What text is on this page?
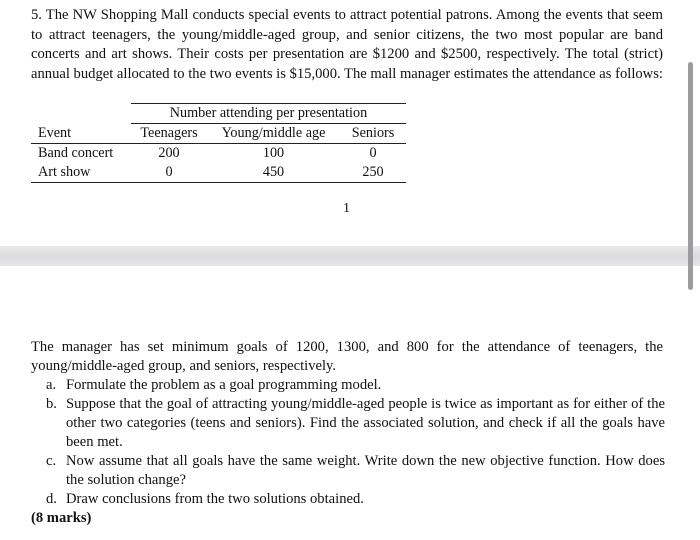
5. The NW Shopping Mall conducts special events to attract potential patrons. Among the events that seem to attract teenagers, the young/middle-aged group, and senior citizens, the two most popular are band concerts and art shows. Their costs per presentation are $1200 and $2500, respectively. The total (strict) annual budget allocated to the two events is $15,000. The mall manager estimates the attendance as follows:

	Number attending per presentation		
Event	Teenagers	Young/middle age	Seniors
Band concert	200	100	0
Art show	0	450	250
1

The manager has set minimum goals of 1200, 1300, and 800 for the attendance of teenagers, the young/middle-aged group, and seniors, respectively.

a. Formulate the problem as a goal programming model.
b. Suppose that the goal of attracting young/middle-aged people is twice as important as for either of the other two categories (teens and seniors). Find the associated solution, and check if all the goals have been met.
c. Now assume that all goals have the same weight. Write down the new objective function. How does the solution change?
d. Draw conclusions from the two solutions obtained.
(8 marks)
